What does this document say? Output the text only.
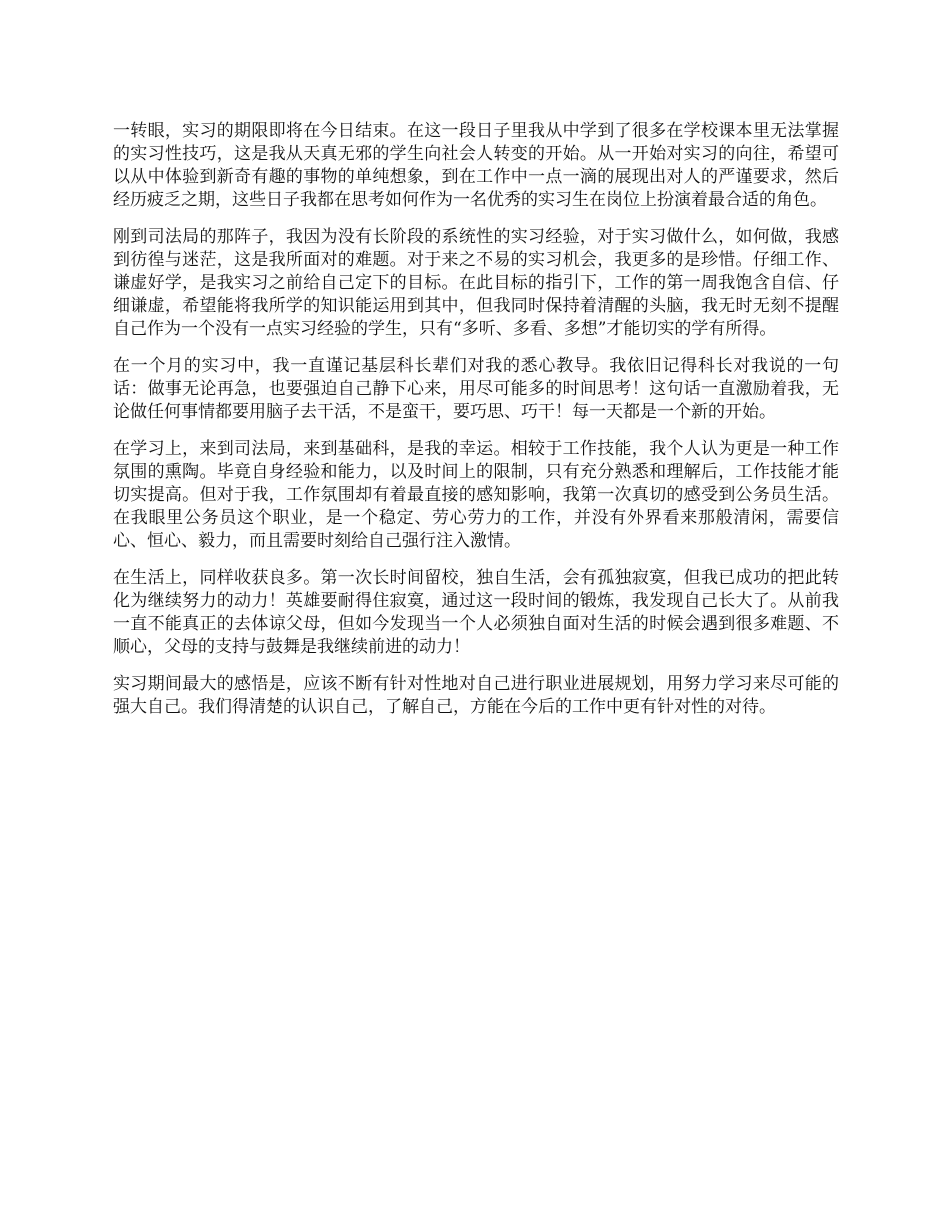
一转眼，实习的期限即将在今日结束。在这一段日子里我从中学到了很多在学校课本里无法掌握的实习性技巧，这是我从天真无邪的学生向社会人转变的开始。从一开始对实习的向往，希望可以从中体验到新奇有趣的事物的单纯想象，到在工作中一点一滴的展现出对人的严谨要求，然后经历疲乏之期，这些日子我都在思考如何作为一名优秀的实习生在岗位上扮演着最合适的角色。

刚到司法局的那阵子，我因为没有长阶段的系统性的实习经验，对于实习做什么，如何做，我感到彷徨与迷茫，这是我所面对的难题。对于来之不易的实习机会，我更多的是珍惜。仔细工作、谦虚好学，是我实习之前给自己定下的目标。在此目标的指引下，工作的第一周我饱含自信、仔细谦虚，希望能将我所学的知识能运用到其中，但我同时保持着清醒的头脑，我无时无刻不提醒自己作为一个没有一点实习经验的学生，只有“多听、多看、多想”才能切实的学有所得。

在一个月的实习中，我一直谨记基层科长辈们对我的悉心教导。我依旧记得科长对我说的一句话：做事无论再急，也要强迫自己静下心来，用尽可能多的时间思考！这句话一直激励着我，无论做任何事情都要用脑子去干活，不是蛮干，要巧思、巧干！每一天都是一个新的开始。

在学习上，来到司法局，来到基础科，是我的幸运。相较于工作技能，我个人认为更是一种工作氛围的熏陶。毕竟自身经验和能力，以及时间上的限制，只有充分熟悉和理解后，工作技能才能切实提高。但对于我，工作氛围却有着最直接的感知影响，我第一次真切的感受到公务员生活。在我眼里公务员这个职业，是一个稳定、劳心劳力的工作，并没有外界看来那般清闲，需要信心、恒心、毅力，而且需要时刻给自己强行注入激情。

在生活上，同样收获良多。第一次长时间留校，独自生活，会有孤独寂寞，但我已成功的把此转化为继续努力的动力！英雄要耐得住寂寞，通过这一段时间的锻炼，我发现自己长大了。从前我一直不能真正的去体谅父母，但如今发现当一个人必须独自面对生活的时候会遇到很多难题、不顺心，父母的支持与鼓舞是我继续前进的动力！

实习期间最大的感悟是，应该不断有针对性地对自己进行职业进展规划，用努力学习来尽可能的强大自己。我们得清楚的认识自己，了解自己，方能在今后的工作中更有针对性的对待。
